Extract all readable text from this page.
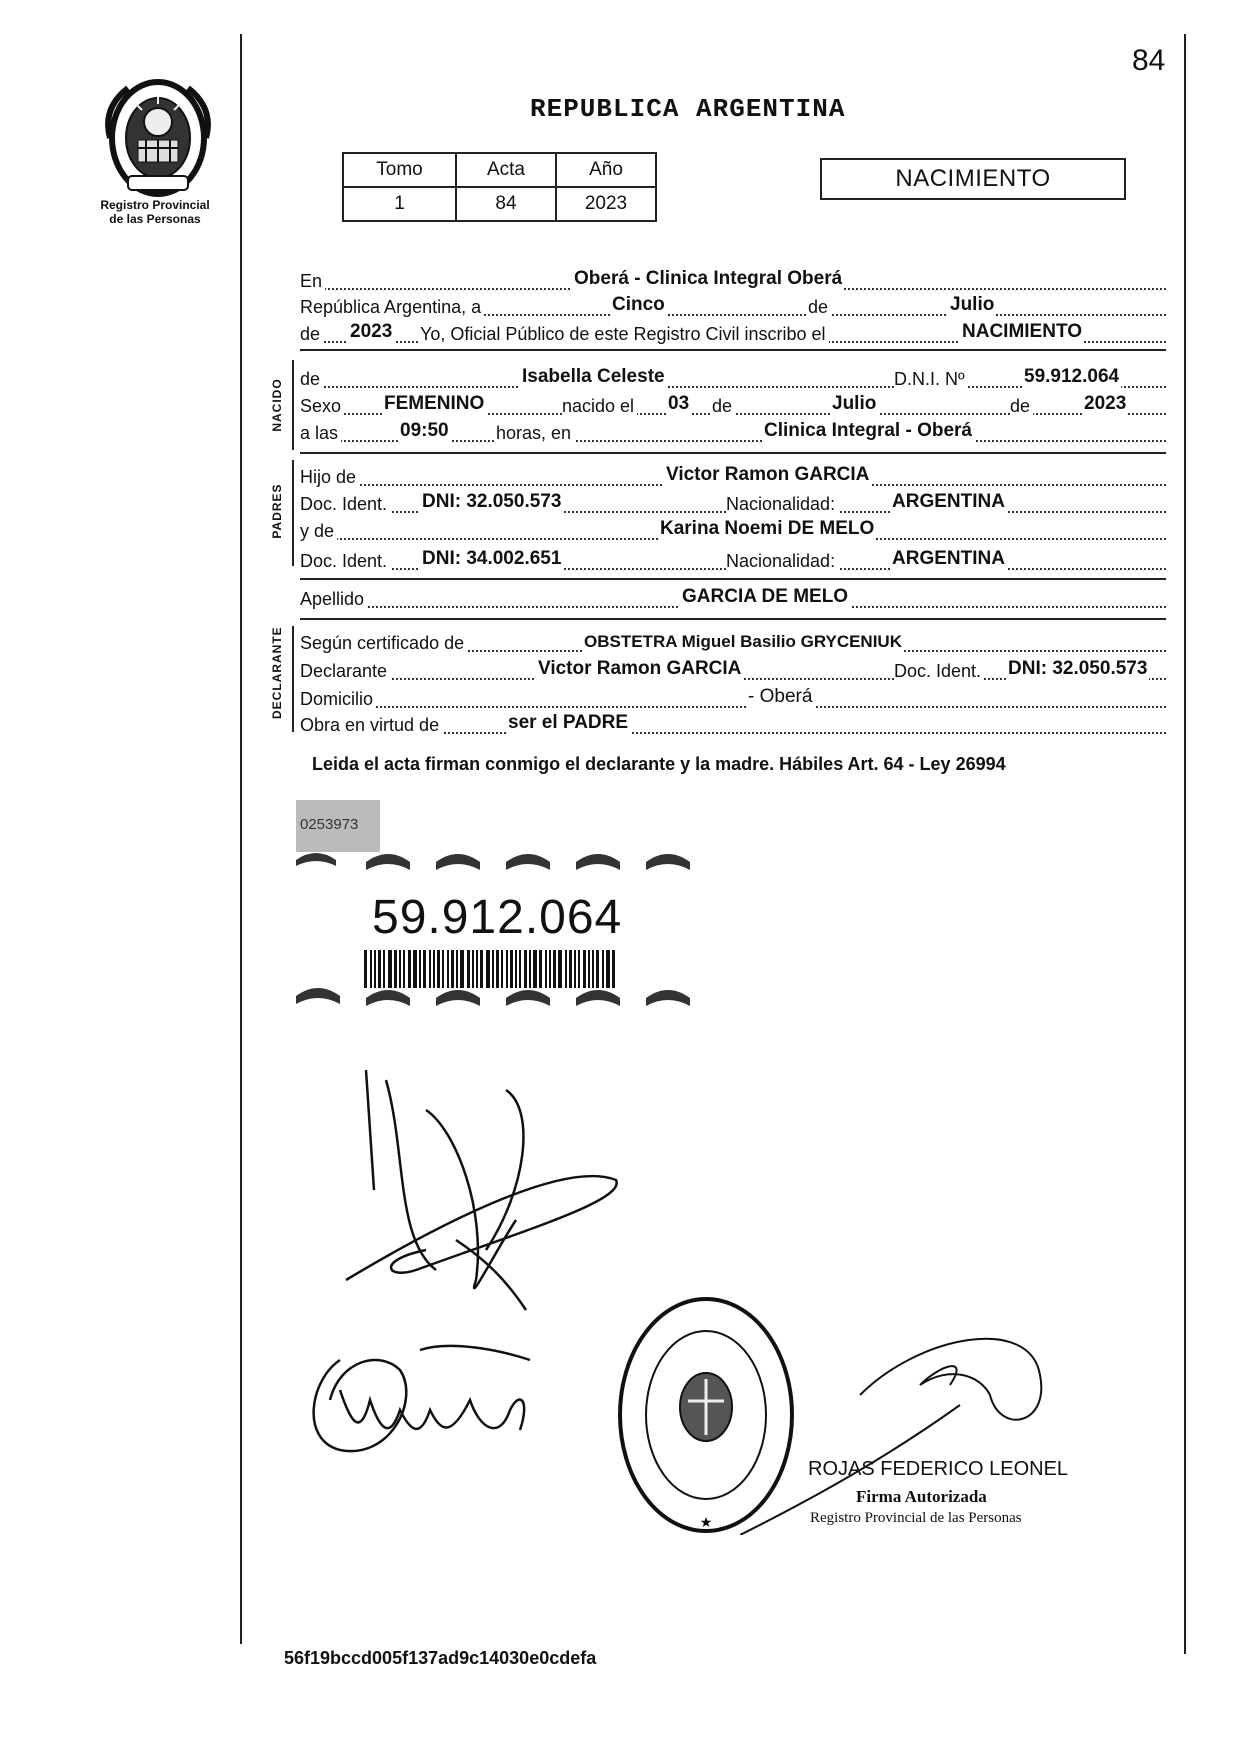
84
Registro Provincial
de las Personas
REPUBLICA ARGENTINA
Tomo	Acta	Año
1	84	2023
NACIMIENTO
En	Oberá - Clinica Integral Oberá
República Argentina, a	Cinco	de	Julio
de 2023 Yo, Oficial Público de este Registro Civil inscribo el	NACIMIENTO
NACIDO de	Isabella Celeste	D.N.I. Nº	59.912.064
Sexo FEMENINO	nacido el 03 de	Julio	de	2023
a las	09:50	horas, en	Clinica Integral - Oberá
PADRES
Hijo de	Victor Ramon GARCIA
Doc. Ident. DNI: 32.050.573	Nacionalidad:	ARGENTINA
y de	Karina Noemi DE MELO
Doc. Ident. DNI: 34.002.651	Nacionalidad:	ARGENTINA
Apellido	GARCIA DE MELO
DECLARANTE Según certificado de	OBSTETRA Miguel Basilio GRYCENIUK
Declarante	Victor Ramon GARCIA	Doc. Ident. DNI: 32.050.573
Domicilio	- Oberá
Obra en virtud de	ser el PADRE
Leida el acta firman conmigo el declarante y la madre. Hábiles Art. 64 - Ley 26994
0253973
59.912.064
★
ROJAS FEDERICO LEONEL
Firma Autorizada
Registro Provincial de las Personas
56f19bccd005f137ad9c14030e0cdefa
